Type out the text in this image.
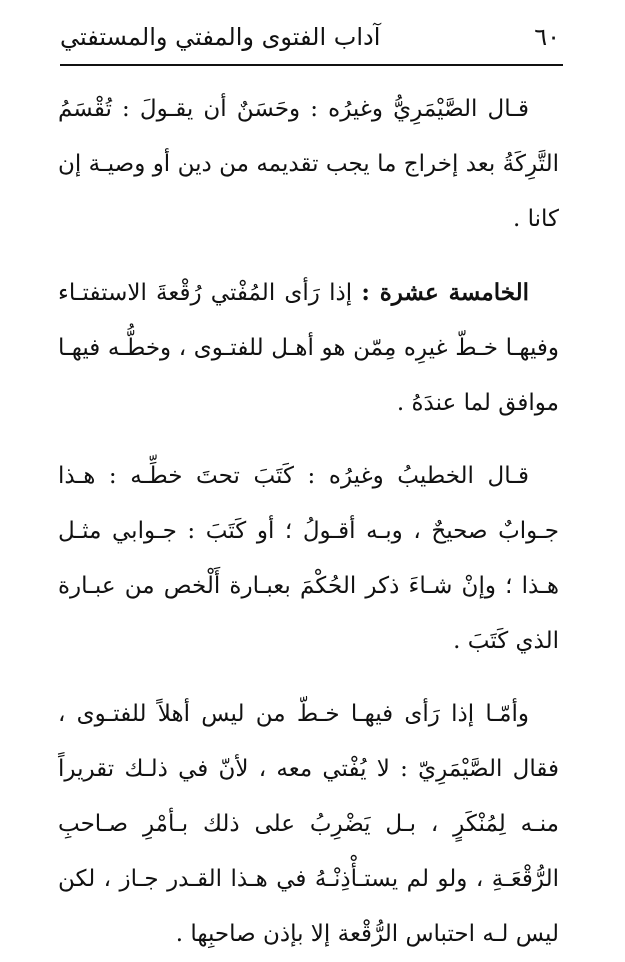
٦٠
آداب الفتوى والمفتي والمستفتي

قـال الصَّيْمَرِيُّ وغيرُه : وحَسَنٌ أن يقـولَ : تُقْسَمُ التَّرِكَةُ بعد إخراج ما يجب تقديمه من دين أو وصيـة إن كانا .

الخامسة عشرة : إذا رَأى المُفْتي رُقْعةَ الاستفتـاء وفيهـا خـطّ غيرِه مِمّن هو أهـل للفتـوى ، وخطُّـه فيهـا موافق لما عندَهُ .

قـال الخطيبُ وغيرُه : كَتَبَ تحتَ خطِّـه : هـذا جـوابٌ صحيحٌ ، وبـه أقـولُ ؛ أو كَتَبَ : جـوابي مثـل هـذا ؛ وإنْ شـاءَ ذكر الحُكْمَ بعبـارة أَلْخص من عبـارة الذي كَتَبَ .

وأمّـا إذا رَأى فيهـا خـطّ من ليس أهلاً للفتـوى ، فقال الصَّيْمَرِيّ : لا يُفْتي معه ، لأنّ في ذلـك تقريراً منـه لِمُنْكَرٍ ، بـل يَضْرِبُ على ذلك بـأمْرِ صـاحبِ الرُّقْعَـةِ ، ولو لم يستـأْذِنْـهُ في هـذا القـدر جـاز ، لكن ليس لـه احتباس الرُّقْعة إلا بإذن صاحبِها .
